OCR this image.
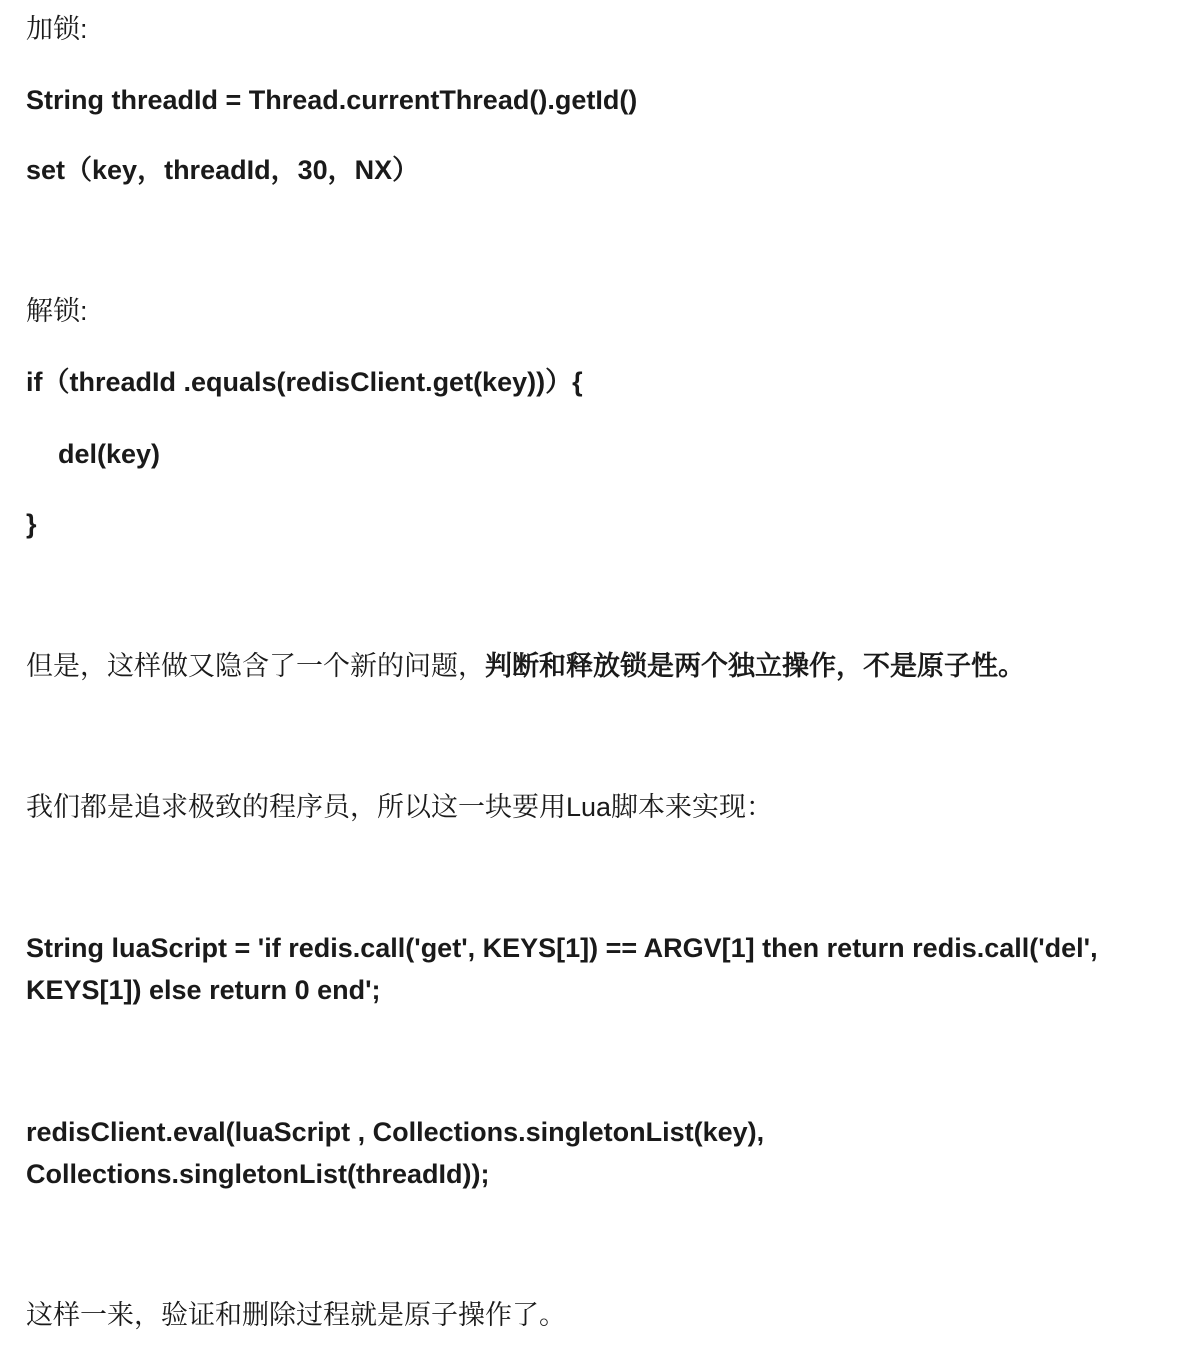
加锁:

String threadId = Thread.currentThread().getId()

set（key，threadId，30，NX）

解锁:

if（threadId .equals(redisClient.get(key))）{

del(key)

}

但是，这样做又隐含了一个新的问题，判断和释放锁是两个独立操作，不是原子性。

我们都是追求极致的程序员，所以这一块要用Lua脚本来实现：

String luaScript = 'if redis.call('get', KEYS[1]) == ARGV[1] then return redis.call('del',

KEYS[1]) else return 0 end';

redisClient.eval(luaScript , Collections.singletonList(key),

Collections.singletonList(threadId));

这样一来，验证和删除过程就是原子操作了。
